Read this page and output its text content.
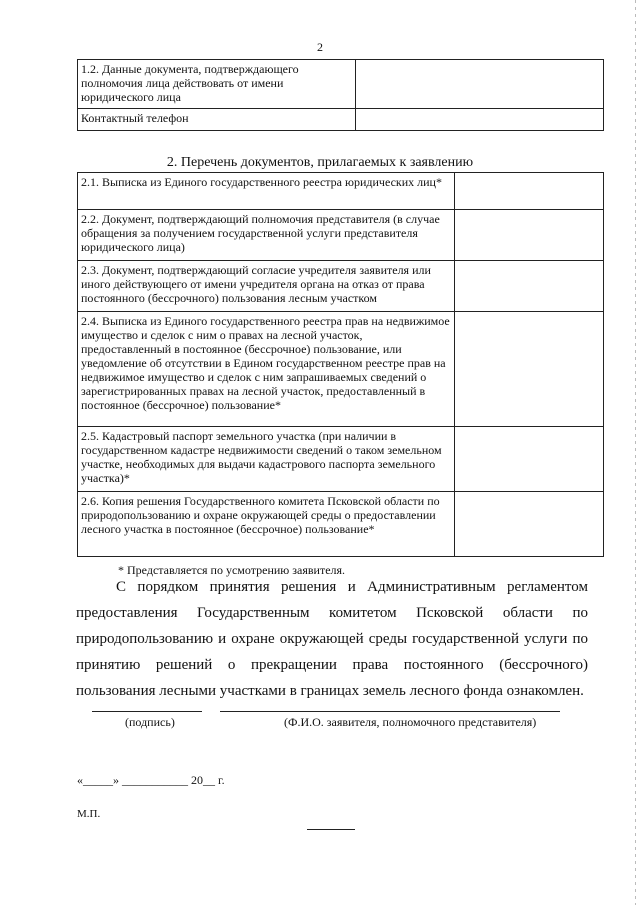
2
1.2. Данные документа, подтверждающего полномочия лица действовать от имени юридического лица	
Контактный телефон	
2. Перечень документов, прилагаемых к заявлению
2.1. Выписка из Единого государственного реестра юридических лиц*	
2.2. Документ, подтверждающий полномочия представителя (в случае обращения за получением государственной услуги представителя юридического лица)	
2.3. Документ, подтверждающий согласие учредителя заявителя или иного действующего от имени учредителя органа на отказ от права постоянного (бессрочного) пользования лесным участком	
2.4. Выписка из Единого государственного реестра прав на недвижимое имущество и сделок с ним о правах на лесной участок, предоставленный в постоянное (бессрочное) пользование, или уведомление об отсутствии в Едином государственном реестре прав на недвижимое имущество и сделок с ним запрашиваемых сведений о зарегистрированных правах на лесной участок, предоставленный в постоянное (бессрочное) пользование*	
2.5. Кадастровый паспорт земельного участка (при наличии в государственном кадастре недвижимости сведений о таком земельном участке, необходимых для выдачи кадастрового паспорта земельного участка)*	
2.6. Копия решения Государственного комитета Псковской области по природопользованию и охране окружающей среды о предоставлении лесного участка в постоянное (бессрочное) пользование*	
* Представляется по усмотрению заявителя.

С порядком принятия решения и Административным регламентом предоставления Государственным комитетом Псковской области по природопользованию и охране окружающей среды государственной услуги по принятию решений о прекращении права постоянного (бессрочного) пользования лесными участками в границах земель лесного фонда ознакомлен.

(подпись)	(Ф.И.О. заявителя, полномочного представителя)
«_____» ___________ 20__ г.
М.П.
